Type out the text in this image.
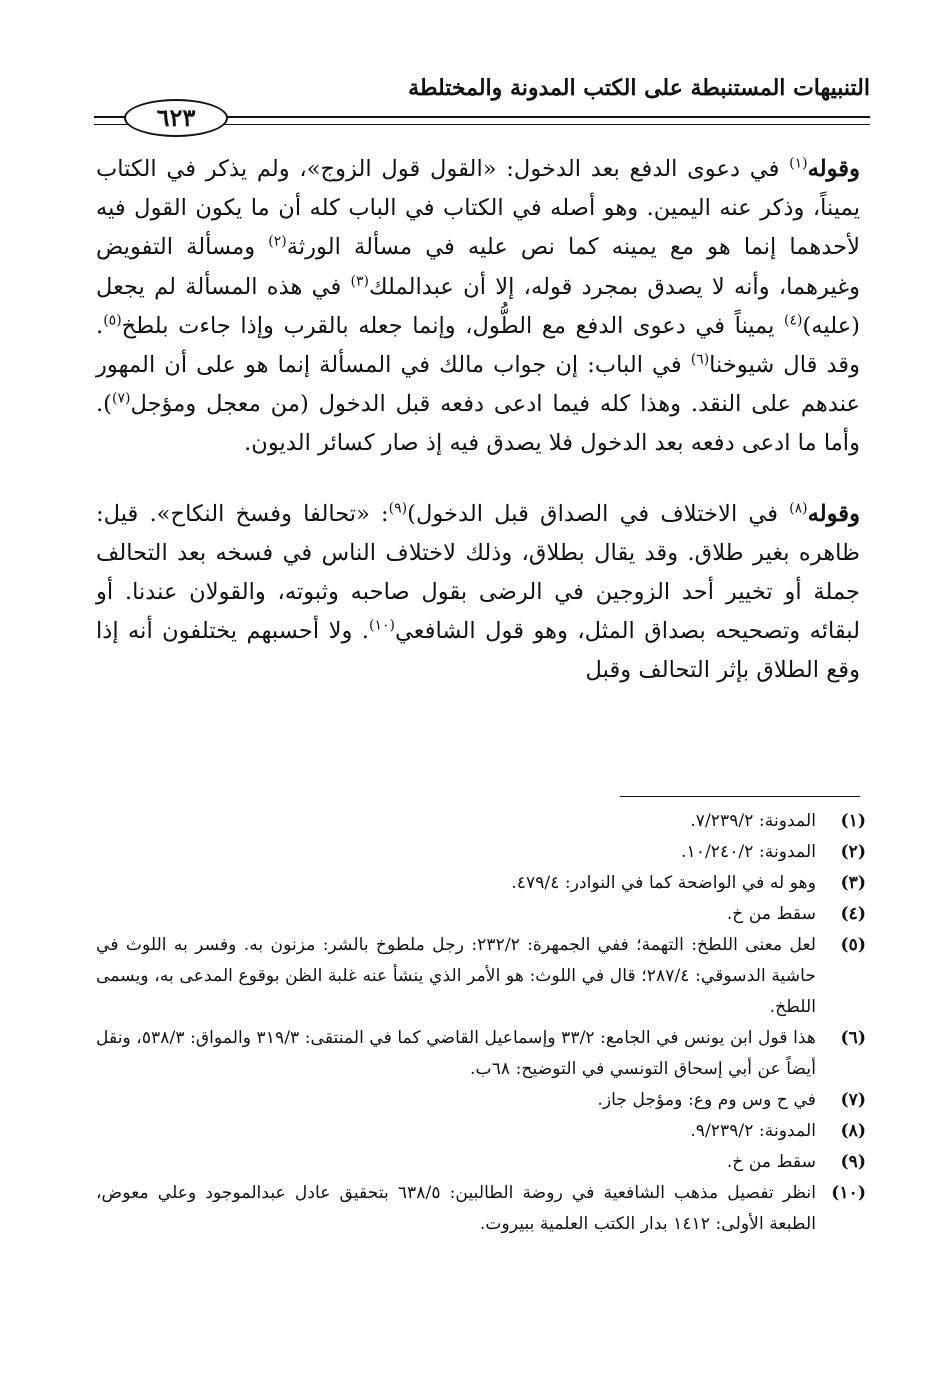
التنبيهات المستنبطة على الكتب المدونة والمختلطة
٦٢٣

وقوله$^{(١)}$ في دعوى الدفع بعد الدخول: «القول قول الزوج»، ولم يذكر في الكتاب يميناً، وذكر عنه اليمين. وهو أصله في الكتاب في الباب كله أن ما يكون القول فيه لأحدهما إنما هو مع يمينه كما نص عليه في مسألة الورثة$^{(٢)}$ ومسألة التفويض وغيرهما، وأنه لا يصدق بمجرد قوله، إلا أن عبدالملك$^{(٣)}$ في هذه المسألة لم يجعل (عليه)$^{(٤)}$ يميناً في دعوى الدفع مع الطُّول، وإنما جعله بالقرب وإذا جاءت بلطخ$^{(٥)}$. وقد قال شيوخنا$^{(٦)}$ في الباب: إن جواب مالك في المسألة إنما هو على أن المهور عندهم على النقد. وهذا كله فيما ادعى دفعه قبل الدخول (من معجل ومؤجل$^{(٧)}$). وأما ما ادعى دفعه بعد الدخول فلا يصدق فيه إذ صار كسائر الديون.

وقوله$^{(٨)}$ في الاختلاف في الصداق قبل الدخول)$^{(٩)}$: «تحالفا وفسخ النكاح». قيل: ظاهره بغير طلاق. وقد يقال بطلاق، وذلك لاختلاف الناس في فسخه بعد التحالف جملة أو تخيير أحد الزوجين في الرضى بقول صاحبه وثبوته، والقولان عندنا. أو لبقائه وتصحيحه بصداق المثل، وهو قول الشافعي$^{(١٠)}$. ولا أحسبهم يختلفون أنه إذا وقع الطلاق بإثر التحالف وقبل

(١)
المدونة: ٧/٢٣٩/٢.
(٢)
المدونة: ١٠/٢٤٠/٢.
(٣)
وهو له في الواضحة كما في النوادر: ٤٧٩/٤.
(٤)
سقط من خ.
(٥)
لعل معنى اللطخ: التهمة؛ ففي الجمهرة: ٢٣٢/٢: رجل ملطوخ بالشر: مزنون به. وفسر به اللوث في حاشية الدسوقي: ٢٨٧/٤؛ قال في اللوث: هو الأمر الذي ينشأ عنه غلبة الظن بوقوع المدعى به، ويسمى اللطخ.
(٦)
هذا قول ابن يونس في الجامع: ٣٣/٢ وإسماعيل القاضي كما في المنتقى: ٣١٩/٣ والمواق: ٥٣٨/٣، ونقل أيضاً عن أبي إسحاق التونسي في التوضيح: ٦٨ب.
(٧)
في ح وس وم وع: ومؤجل جاز.
(٨)
المدونة: ٩/٢٣٩/٢.
(٩)
سقط من خ.
(١٠)
انظر تفصيل مذهب الشافعية في روضة الطالبين: ٦٣٨/٥ بتحقيق عادل عبدالموجود وعلي معوض، الطبعة الأولى: ١٤١٢ بدار الكتب العلمية ببيروت.
